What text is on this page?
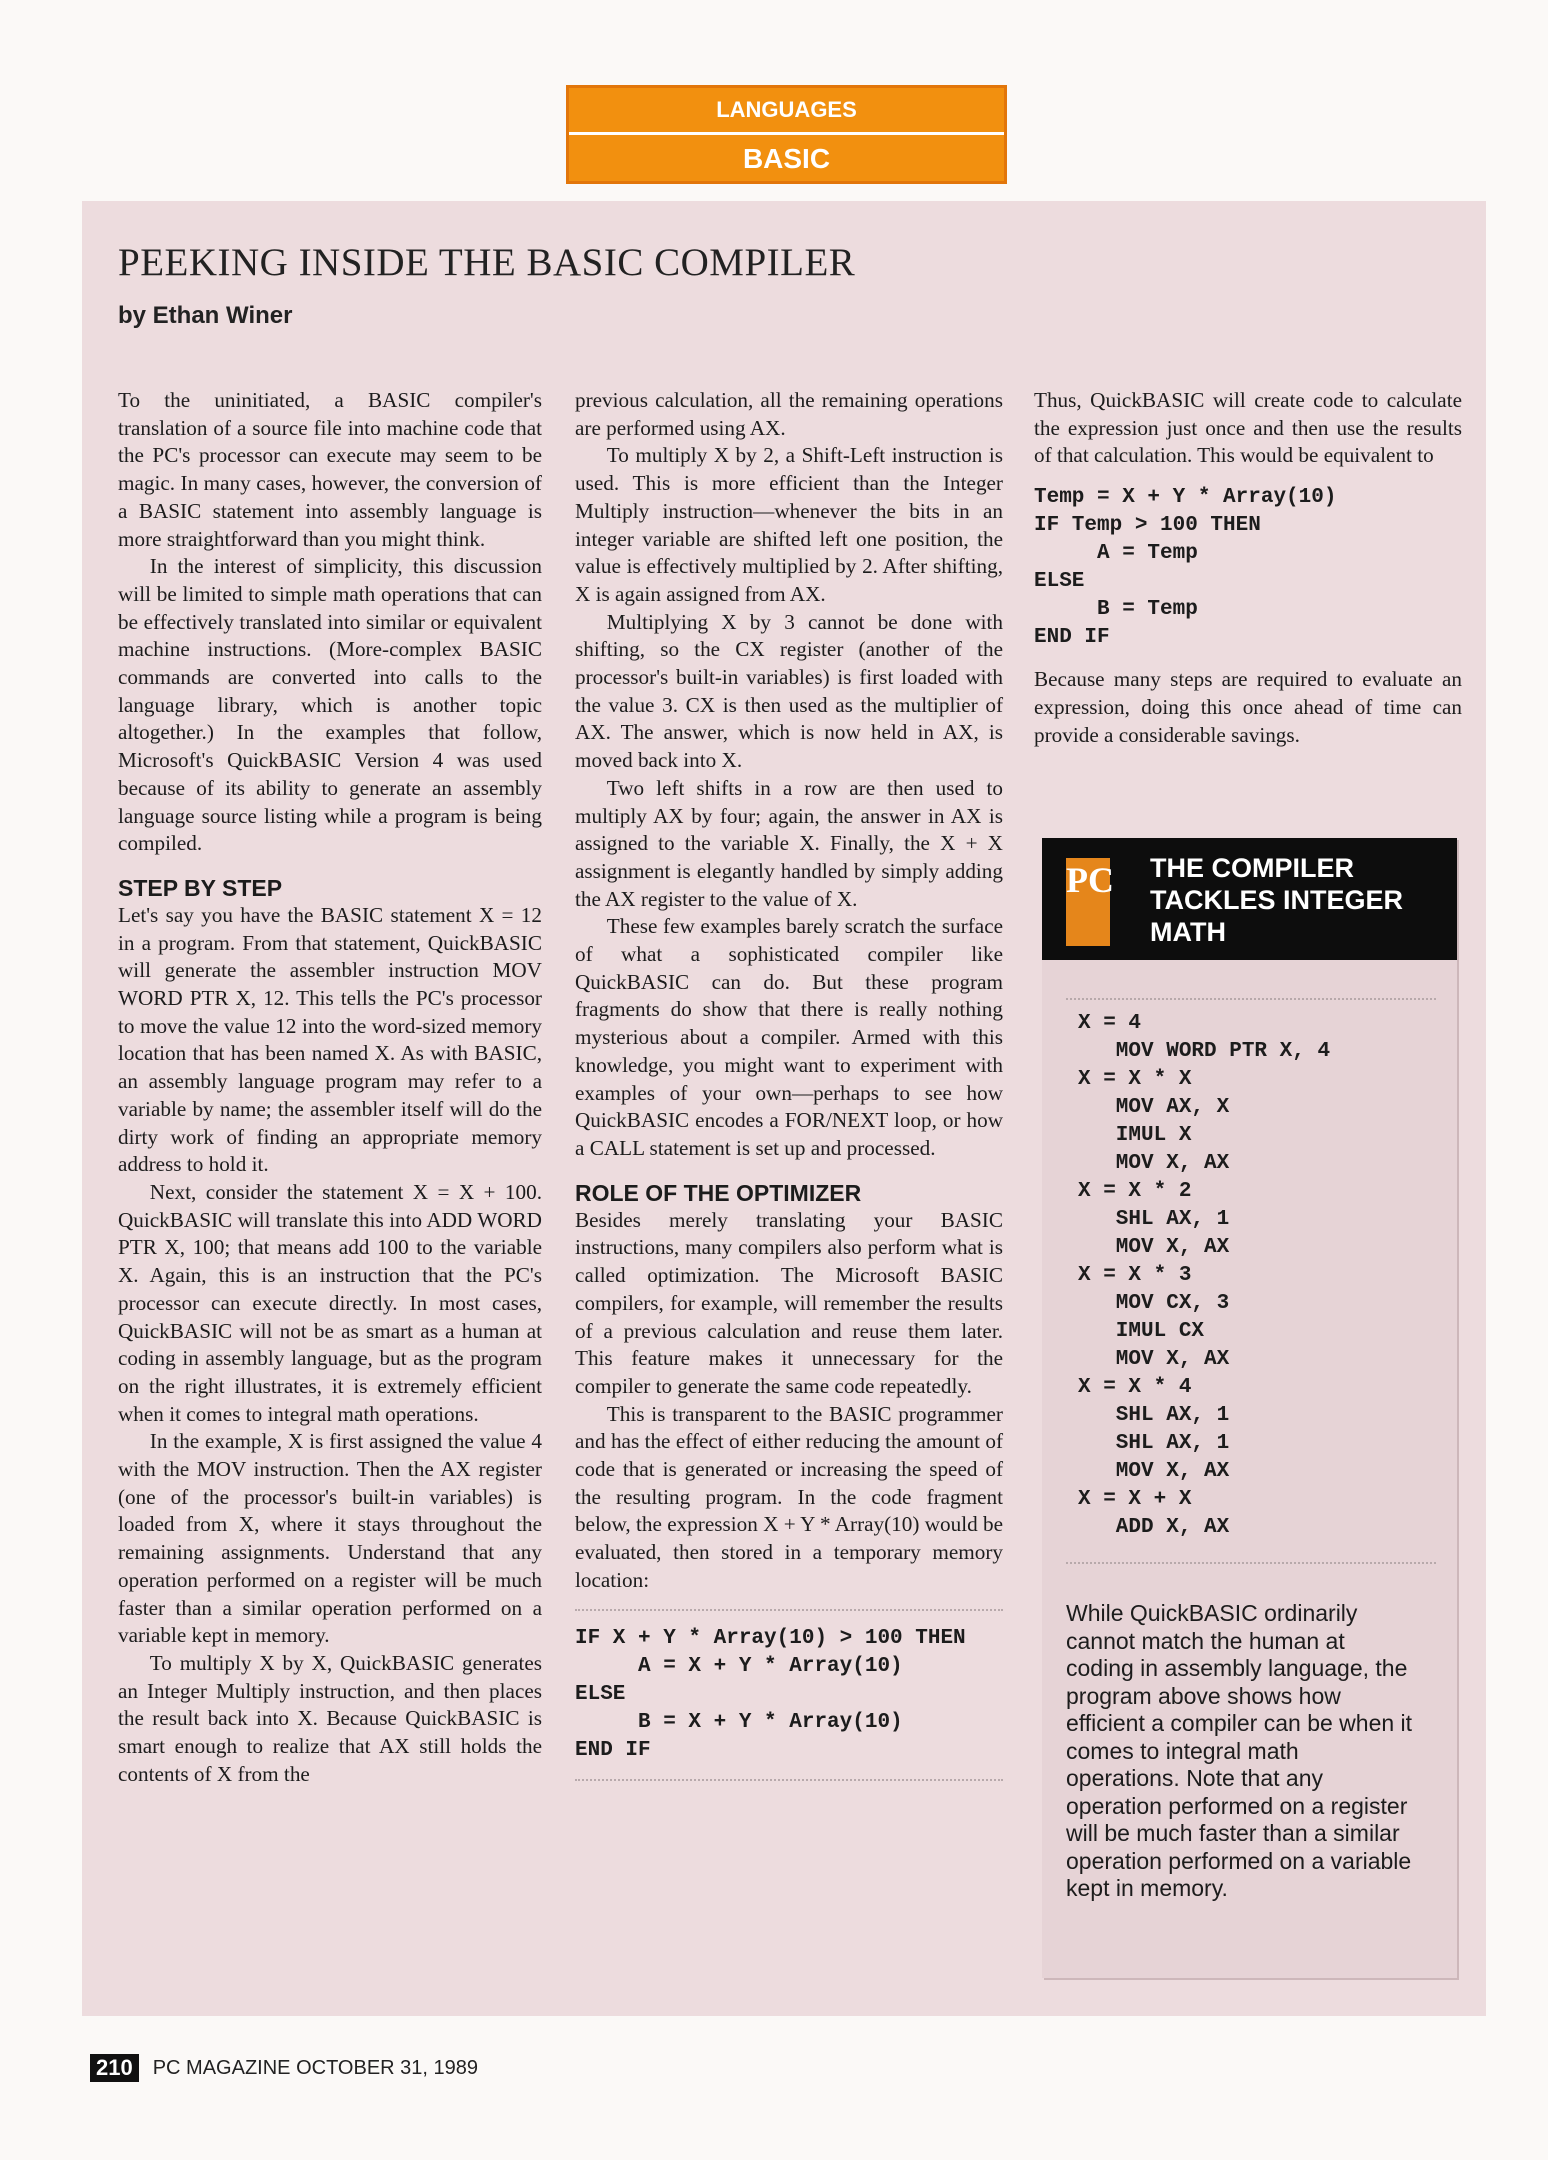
LANGUAGES
BASIC
PEEKING INSIDE THE BASIC COMPILER
by Ethan Winer

To the uninitiated, a BASIC compiler's translation of a source file into machine code that the PC's processor can execute may seem to be magic. In many cases, however, the conversion of a BASIC statement into assembly language is more straightforward than you might think.

In the interest of simplicity, this discussion will be limited to simple math operations that can be effectively translated into similar or equivalent machine instructions. (More-complex BASIC commands are converted into calls to the language library, which is another topic altogether.) In the examples that follow, Microsoft's QuickBASIC Version 4 was used because of its ability to generate an assembly language source listing while a program is being compiled.

STEP BY STEP

Let's say you have the BASIC statement X = 12 in a program. From that statement, QuickBASIC will generate the assembler instruction MOV WORD PTR X, 12. This tells the PC's processor to move the value 12 into the word-sized memory location that has been named X. As with BASIC, an assembly language program may refer to a variable by name; the assembler itself will do the dirty work of finding an appropriate memory address to hold it.

Next, consider the statement X = X + 100. QuickBASIC will translate this into ADD WORD PTR X, 100; that means add 100 to the variable X. Again, this is an instruction that the PC's processor can execute directly. In most cases, QuickBASIC will not be as smart as a human at coding in assembly language, but as the program on the right illustrates, it is extremely efficient when it comes to integral math operations.

In the example, X is first assigned the value 4 with the MOV instruction. Then the AX register (one of the processor's built-in variables) is loaded from X, where it stays throughout the remaining assignments. Understand that any operation performed on a register will be much faster than a similar operation performed on a variable kept in memory.

To multiply X by X, QuickBASIC generates an Integer Multiply instruction, and then places the result back into X. Because QuickBASIC is smart enough to realize that AX still holds the contents of X from the

previous calculation, all the remaining operations are performed using AX.

To multiply X by 2, a Shift-Left instruction is used. This is more efficient than the Integer Multiply instruction—whenever the bits in an integer variable are shifted left one position, the value is effectively multiplied by 2. After shifting, X is again assigned from AX.

Multiplying X by 3 cannot be done with shifting, so the CX register (another of the processor's built-in variables) is first loaded with the value 3. CX is then used as the multiplier of AX. The answer, which is now held in AX, is moved back into X.

Two left shifts in a row are then used to multiply AX by four; again, the answer in AX is assigned to the variable X. Finally, the X + X assignment is elegantly handled by simply adding the AX register to the value of X.

These few examples barely scratch the surface of what a sophisticated compiler like QuickBASIC can do. But these program fragments do show that there is really nothing mysterious about a compiler. Armed with this knowledge, you might want to experiment with examples of your own—perhaps to see how QuickBASIC encodes a FOR/NEXT loop, or how a CALL statement is set up and processed.

ROLE OF THE OPTIMIZER

Besides merely translating your BASIC instructions, many compilers also perform what is called optimization. The Microsoft BASIC compilers, for example, will remember the results of a previous calculation and reuse them later. This feature makes it unnecessary for the compiler to generate the same code repeatedly.

This is transparent to the BASIC programmer and has the effect of either reducing the amount of code that is generated or increasing the speed of the resulting program. In the code fragment below, the expression X + Y * Array(10) would be evaluated, then stored in a temporary memory location:

IF X + Y * Array(10) > 100 THEN
A = X + Y * Array(10)
ELSE
B = X + Y * Array(10)
END IF

Thus, QuickBASIC will create code to calculate the expression just once and then use the results of that calculation. This would be equivalent to

Temp = X + Y * Array(10)
IF Temp > 100 THEN
A = Temp
ELSE
B = Temp
END IF

Because many steps are required to evaluate an expression, doing this once ahead of time can provide a considerable savings.

PC THE COMPILER
TACKLES INTEGER
MATH
X = 4
MOV WORD PTR X, 4
X = X * X
MOV AX, X
IMUL X
MOV X, AX
X = X * 2
SHL AX, 1
MOV X, AX
X = X * 3
MOV CX, 3
IMUL CX
MOV X, AX
X = X * 4
SHL AX, 1
SHL AX, 1
MOV X, AX
X = X + X
ADD X, AX
While QuickBASIC ordinarily cannot match the human at coding in assembly language, the program above shows how efficient a compiler can be when it comes to integral math operations. Note that any operation performed on a register will be much faster than a similar operation performed on a variable kept in memory.
210	PC MAGAZINE OCTOBER 31, 1989
